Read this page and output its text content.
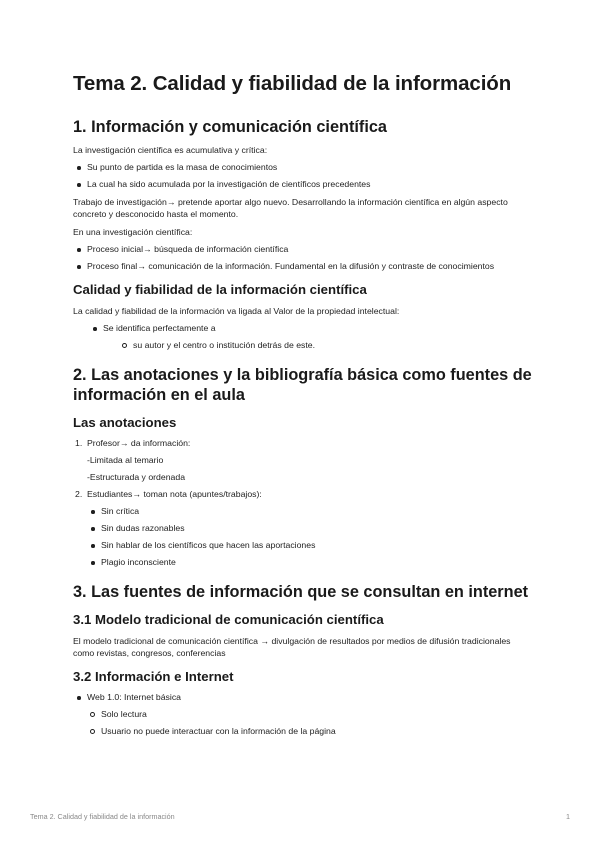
Tema 2. Calidad y fiabilidad de la información
1. Información y comunicación científica

La investigación científica es acumulativa y crítica:

Su punto de partida es la masa de conocimientos
La cual ha sido acumulada por la investigación de científicos precedentes

Trabajo de investigación→ pretende aportar algo nuevo. Desarrollando la información científica en algún aspecto concreto y desconocido hasta el momento.

En una investigación científica:

Proceso inicial→ búsqueda de información científica
Proceso final→ comunicación de la información. Fundamental en la difusión y contraste de conocimientos
Calidad y fiabilidad de la información científica

La calidad y fiabilidad de la información va ligada al Valor de la propiedad intelectual:

Se identifica perfectamente a
su autor y el centro o institución detrás de este.
2. Las anotaciones y la bibliografía básica como fuentes de información en el aula
Las anotaciones
1. Profesor→ da información:
-Limitada al temario
-Estructurada y ordenada
2. Estudiantes→ toman nota (apuntes/trabajos):
Sin crítica
Sin dudas razonables
Sin hablar de los científicos que hacen las aportaciones
Plagio inconsciente
3. Las fuentes de información que se consultan en internet
3.1 Modelo tradicional de comunicación científica

El modelo tradicional de comunicación científica → divulgación de resultados por medios de difusión tradicionales como revistas, congresos, conferencias

3.2 Información e Internet
Web 1.0: Internet básica
Solo lectura
Usuario no puede interactuar con la información de la página
Tema 2. Calidad y fiabilidad de la información	1
